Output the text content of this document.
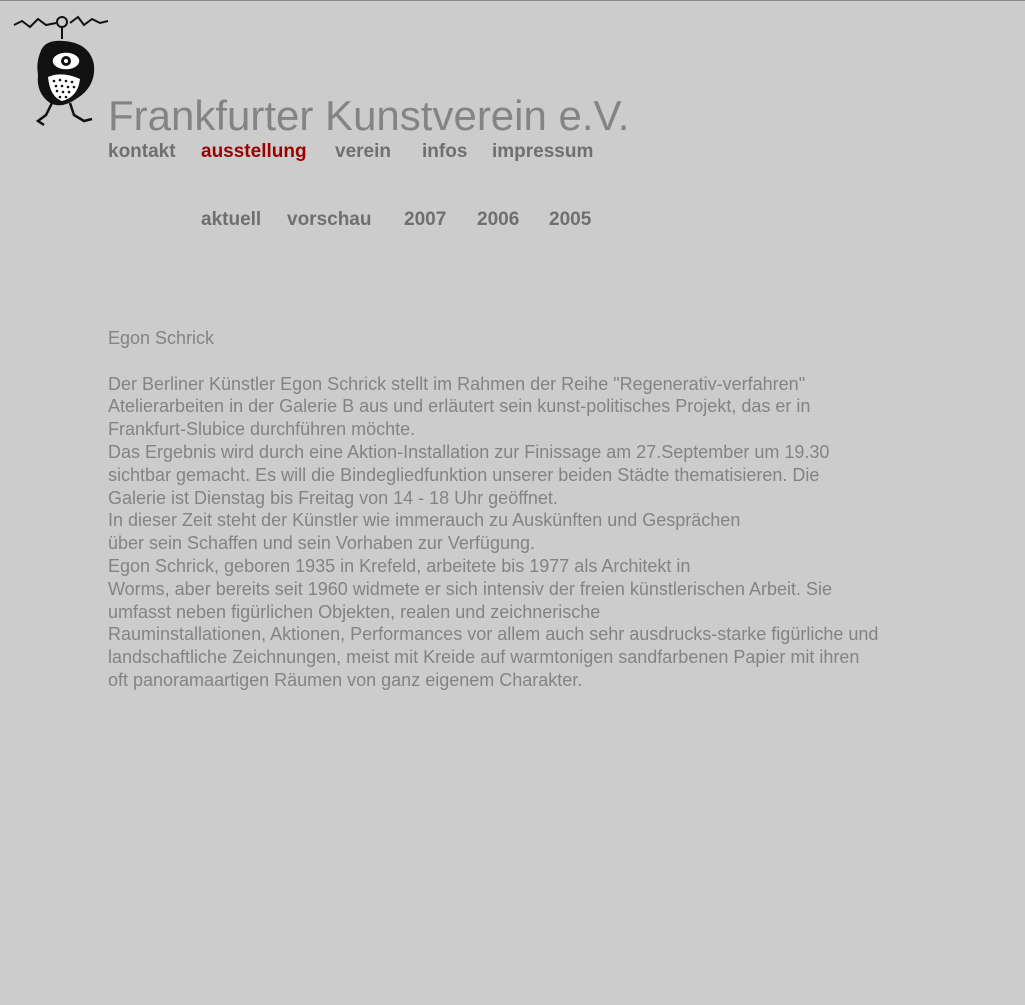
Frankfurter Kunstverein e.V.
kontakt ausstellung verein infos impressum
aktuell vorschau 2007 2006 2005
Egon Schrick
Der Berliner Künstler Egon Schrick stellt im Rahmen der Reihe "Regenerativ-verfahren"
Atelierarbeiten in der Galerie B aus und erläutert sein kunst-politisches Projekt, das er in
Frankfurt-Slubice durchführen möchte.
Das Ergebnis wird durch eine Aktion-Installation zur Finissage am 27.September um 19.30
sichtbar gemacht. Es will die Bindegliedfunktion unserer beiden Städte thematisieren. Die
Galerie ist Dienstag bis Freitag von 14 - 18 Uhr geöffnet.
In dieser Zeit steht der Künstler wie immerauch zu Auskünften und Gesprächen
über sein Schaffen und sein Vorhaben zur Verfügung.
Egon Schrick, geboren 1935 in Krefeld, arbeitete bis 1977 als Architekt in
Worms, aber bereits seit 1960 widmete er sich intensiv der freien künstlerischen Arbeit. Sie
umfasst neben figürlichen Objekten, realen und zeichnerische
Rauminstallationen, Aktionen, Performances vor allem auch sehr ausdrucks-starke figürliche und
landschaftliche Zeichnungen, meist mit Kreide auf warmtonigen sandfarbenen Papier mit ihren
oft panoramaartigen Räumen von ganz eigenem Charakter.
